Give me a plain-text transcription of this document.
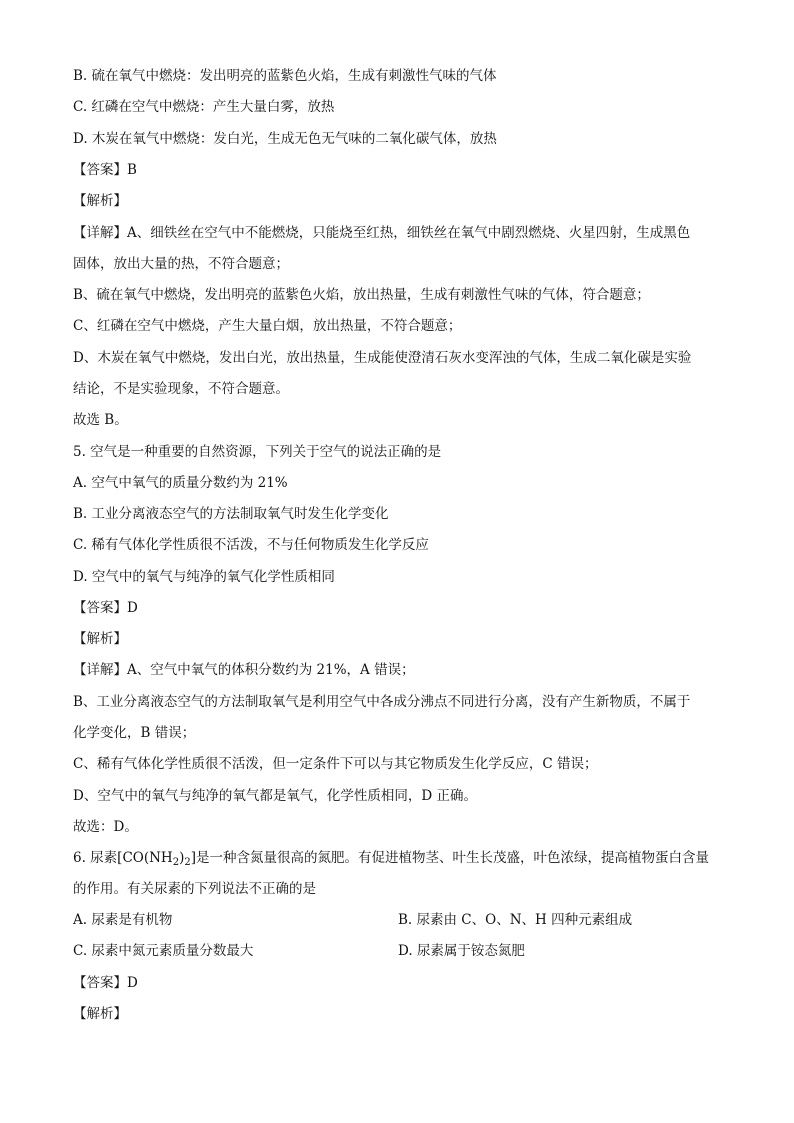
B. 硫在氧气中燃烧：发出明亮的蓝紫色火焰，生成有刺激性气味的气体
C. 红磷在空气中燃烧：产生大量白雾，放热
D. 木炭在氧气中燃烧：发白光，生成无色无气味的二氧化碳气体，放热
【答案】B
【解析】
【详解】A、细铁丝在空气中不能燃烧，只能烧至红热，细铁丝在氧气中剧烈燃烧、火星四射，生成黑色
固体，放出大量的热，不符合题意；
B、硫在氧气中燃烧，发出明亮的蓝紫色火焰，放出热量，生成有刺激性气味的气体，符合题意；
C、红磷在空气中燃烧，产生大量白烟，放出热量，不符合题意；
D、木炭在氧气中燃烧，发出白光，放出热量，生成能使澄清石灰水变浑浊的气体，生成二氧化碳是实验
结论，不是实验现象，不符合题意。
故选 B。
5. 空气是一种重要的自然资源，下列关于空气的说法正确的是
A. 空气中氧气的质量分数约为 21%
B. 工业分离液态空气的方法制取氧气时发生化学变化
C. 稀有气体化学性质很不活泼，不与任何物质发生化学反应
D. 空气中的氧气与纯净的氧气化学性质相同
【答案】D
【解析】
【详解】A、空气中氧气的体积分数约为 21%，A 错误；
B、工业分离液态空气的方法制取氧气是利用空气中各成分沸点不同进行分离，没有产生新物质，不属于
化学变化，B 错误；
C、稀有气体化学性质很不活泼，但一定条件下可以与其它物质发生化学反应，C 错误；
D、空气中的氧气与纯净的氧气都是氧气，化学性质相同，D 正确。
故选：D。
6. 尿素$[CO(NH_2)_2]$是一种含氮量很高的氮肥。有促进植物茎、叶生长茂盛，叶色浓绿，提高植物蛋白含量
的作用。有关尿素的下列说法不正确的是
A. 尿素是有机物	B. 尿素由 C、O、N、H 四种元素组成
C. 尿素中氮元素质量分数最大	D. 尿素属于铵态氮肥
【答案】D
【解析】
